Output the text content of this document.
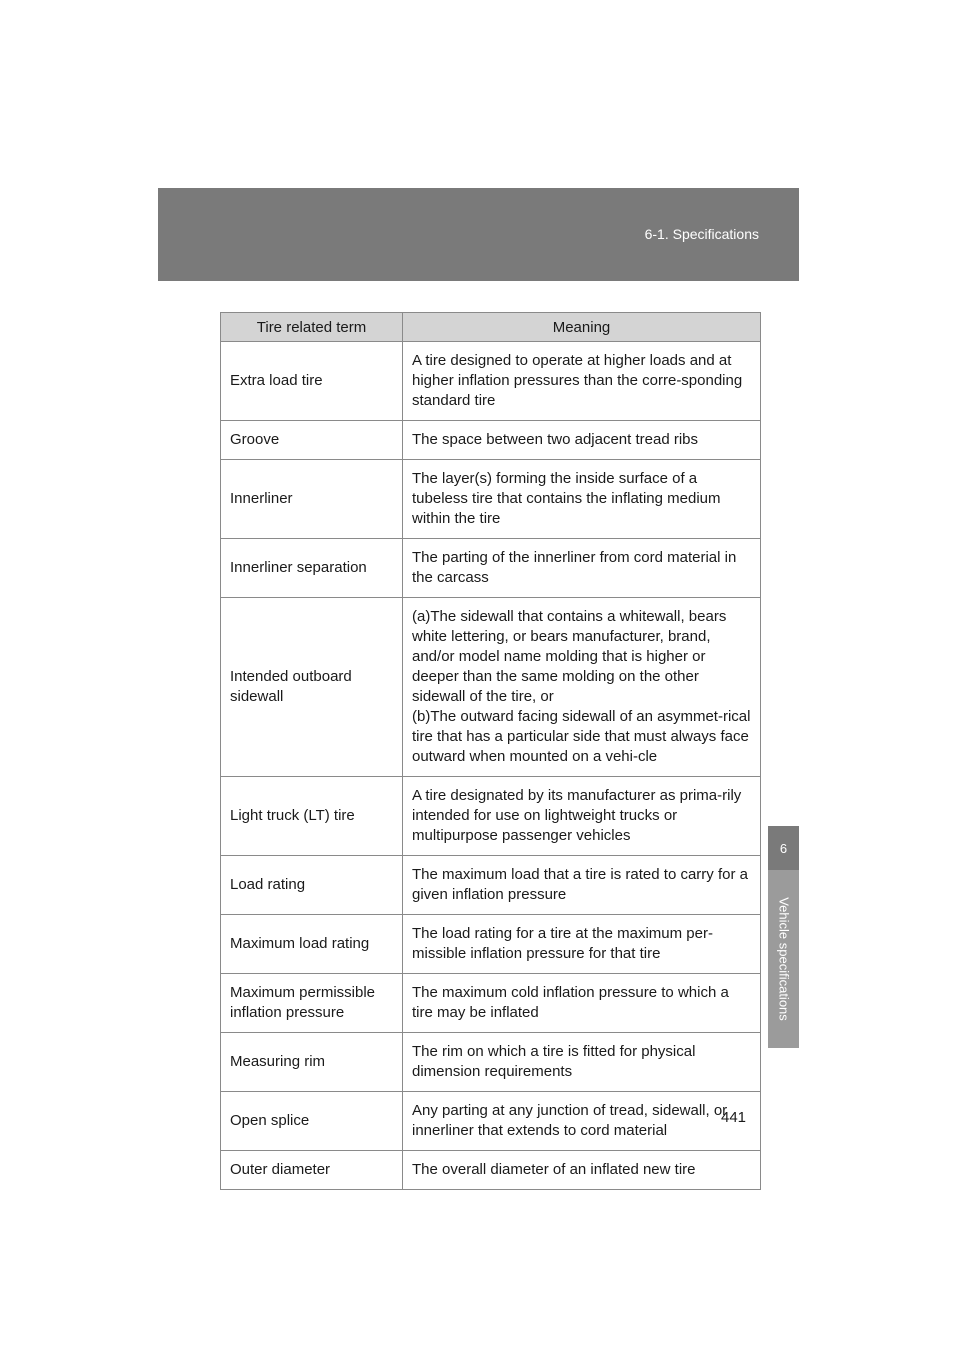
6-1. Specifications
6
Vehicle specifications
Tire related term	Meaning
Extra load tire	A tire designed to operate at higher loads and at higher inflation pressures than the corre-sponding standard tire
Groove	The space between two adjacent tread ribs
Innerliner	The layer(s) forming the inside surface of a tubeless tire that contains the inflating medium within the tire
Innerliner separation	The parting of the innerliner from cord material in the carcass
Intended outboard sidewall	(a)The sidewall that contains a whitewall, bears white lettering, or bears manufacturer, brand, and/or model name molding that is higher or deeper than the same molding on the other sidewall of the tire, or
(b)The outward facing sidewall of an asymmet-rical tire that has a particular side that must always face outward when mounted on a vehi-cle
Light truck (LT) tire	A tire designated by its manufacturer as prima-rily intended for use on lightweight trucks or multipurpose passenger vehicles
Load rating	The maximum load that a tire is rated to carry for a given inflation pressure
Maximum load rating	The load rating for a tire at the maximum per-missible inflation pressure for that tire
Maximum permissible inflation pressure	The maximum cold inflation pressure to which a tire may be inflated
Measuring rim	The rim on which a tire is fitted for physical dimension requirements
Open splice	Any parting at any junction of tread, sidewall, or innerliner that extends to cord material
Outer diameter	The overall diameter of an inflated new tire
441
